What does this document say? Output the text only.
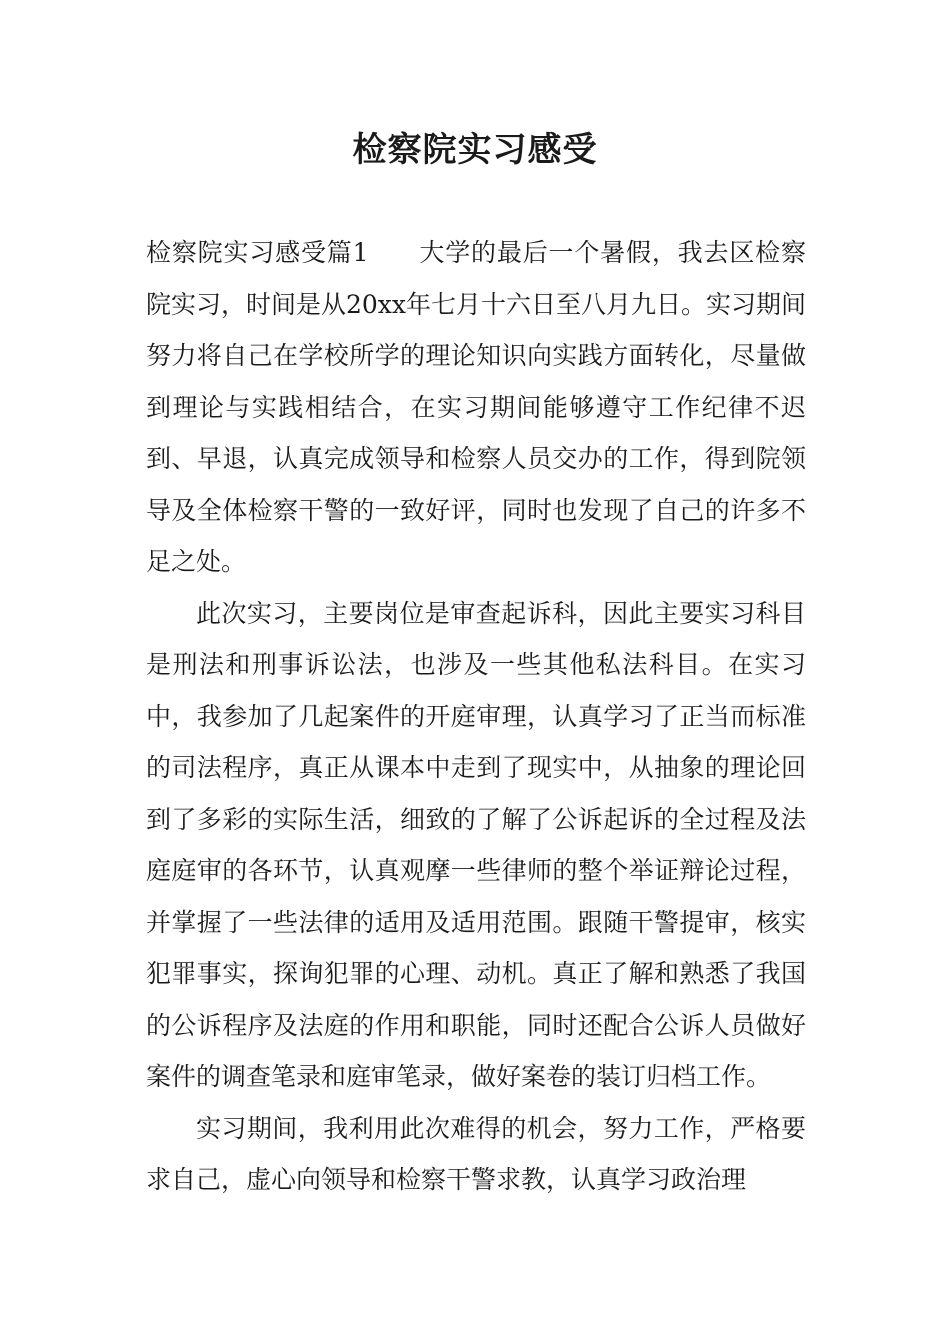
检察院实习感受

检察院实习感受篇1 大学的最后一个暑假，我去区检察院实习，时间是从20xx年七月十六日至八月九日。实习期间努力将自己在学校所学的理论知识向实践方面转化，尽量做到理论与实践相结合，在实习期间能够遵守工作纪律不迟到、早退，认真完成领导和检察人员交办的工作，得到院领导及全体检察干警的一致好评，同时也发现了自己的许多不足之处。

此次实习，主要岗位是审查起诉科，因此主要实习科目是刑法和刑事诉讼法，也涉及一些其他私法科目。在实习中，我参加了几起案件的开庭审理，认真学习了正当而标准的司法程序，真正从课本中走到了现实中，从抽象的理论回到了多彩的实际生活，细致的了解了公诉起诉的全过程及法庭庭审的各环节，认真观摩一些律师的整个举证辩论过程，并掌握了一些法律的适用及适用范围。跟随干警提审，核实犯罪事实，探询犯罪的心理、动机。真正了解和熟悉了我国的公诉程序及法庭的作用和职能，同时还配合公诉人员做好案件的调查笔录和庭审笔录，做好案卷的装订归档工作。

实习期间，我利用此次难得的机会，努力工作，严格要求自己，虚心向领导和检察干警求教，认真学习政治理
